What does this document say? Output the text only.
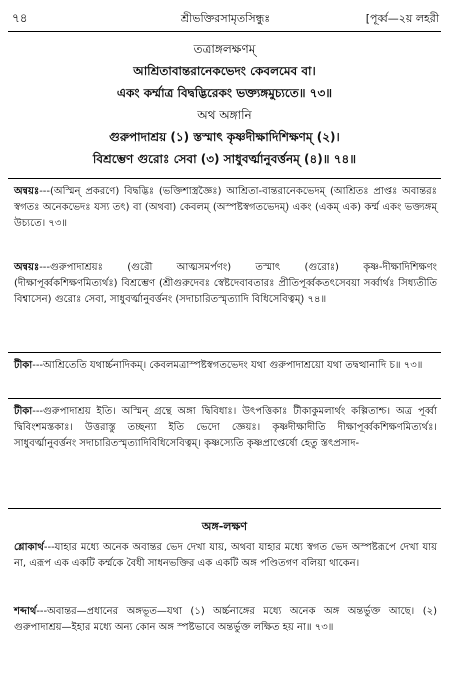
৭৪	শ্রীভক্তিরসামৃতসিন্ধুঃ	[পূর্ব্ব—২য় লহরী
তত্রাঙ্গলক্ষণম্
আশ্রিতাবান্তরানেকভেদং কেবলমেব বা।
একং কর্ম্মাত্র বিদ্বদ্ভিরেকং ভক্ত্যঙ্গমুচ্যতে॥ ৭৩॥
অথ অঙ্গানি
গুরুপাদাশ্রয় (১) স্তস্মাৎ কৃষ্ণদীক্ষাদিশিক্ষণম্ (২)।
বিশ্রম্ভেণ গুরোঃ সেবা (৩) সাধুবর্ত্মানুবর্ত্তনম্ (৪)॥ ৭৪॥
অন্বয়ঃ---(অস্মিন্ প্রকরণে) বিদ্বদ্ভিঃ (ভক্তিশাস্ত্রজ্ঞৈঃ) আশ্রিতা-বান্তরানেকভেদম্ (আশ্রিতঃ প্রাপ্তঃ অবান্তরঃ স্বগতঃ অনেকভেদঃ যস্য তৎ) বা (অথবা) কেবলম্ (অস্পষ্টস্বগতভেদম্) একং (একম্ এক) কর্ম্ম একং ভক্ত্যঙ্গম্ উচ্যতে। ৭৩॥
অন্বয়ঃ---গুরুপাদাশ্রয়ঃ (গুরৌ আত্মসমর্পণং) তস্মাৎ (গুরোঃ) কৃষ্ণ-দীক্ষাদিশিক্ষণং (দীক্ষাপূর্ব্বকশিক্ষণমিত্যর্থঃ) বিশ্রম্ভেণ (শ্রীগুরুদেবঃ স্বেষ্টদেবাবতারঃ প্রীতিপূর্ব্বকতৎসেবয়া সর্ব্বার্থঃ সিধ্যতীতি বিশ্বাসেন) গুরোঃ সেবা, সাধুবর্ত্মানুবর্ত্তনং (সদাচারিতস্মৃত্যাদি বিধিসেবিত্বম্) ৭৪॥
টীকা---আশ্রিতেতি যথার্চ্চনাদিকম্। কেবলমত্রাস্পষ্টস্বগতভেদং যথা গুরুপাদাশ্রয়ো যথা তদ্বত্থানাদি চ॥ ৭৩॥
টীকা---গুরুপাদাশ্রয় ইতি। অস্মিন্ গ্রন্থে অঙ্গা দ্বিবিধাঃ। উৎপত্তিকাঃ টীকাকুমলার্থং কল্পিতাশ্চ। অত্র পূর্ব্বা দ্বিবিংশমস্তকাঃ। উত্তরাস্তু তচ্ছন্যা ইতি ভেদো জ্ঞেয়ঃ। কৃষ্ণদীক্ষাদীতি দীক্ষাপূর্ব্বকশিক্ষণমিত্যর্থঃ। সাধুবর্ত্মানুবর্ত্তনং সদাচারিতস্মৃত্যাদিবিধিসেবিত্বম্। কৃষ্ণস্যেতি কৃষ্ণপ্রাপ্তের্ষো হেতু স্তৎপ্রসাদ-
অঙ্গ-লক্ষণ
শ্লোকার্থ---যাহার মধ্যে অনেক অবান্তর ভেদ দেখা যায়, অথবা যাহার মধ্যে স্বগত ভেদ অস্পষ্টরূপে দেখা যায় না, এরূপ এক একটি কর্ম্মকে বৈধী সাধনভক্তির এক একটি অঙ্গ পণ্ডিতগণ বলিয়া থাকেন।
শব্দার্থ---অবান্তর—প্রধানের অঙ্গভূত—যথা (১) অর্চ্চনাঙ্গের মধ্যে অনেক অঙ্গ অন্তর্ভুক্ত আছে। (২) গুরুপাদাশ্রয়—ইহার মধ্যে অন্য কোন অঙ্গ স্পষ্টভাবে অন্তর্ভুক্ত লক্ষিত হয় না॥ ৭৩॥
